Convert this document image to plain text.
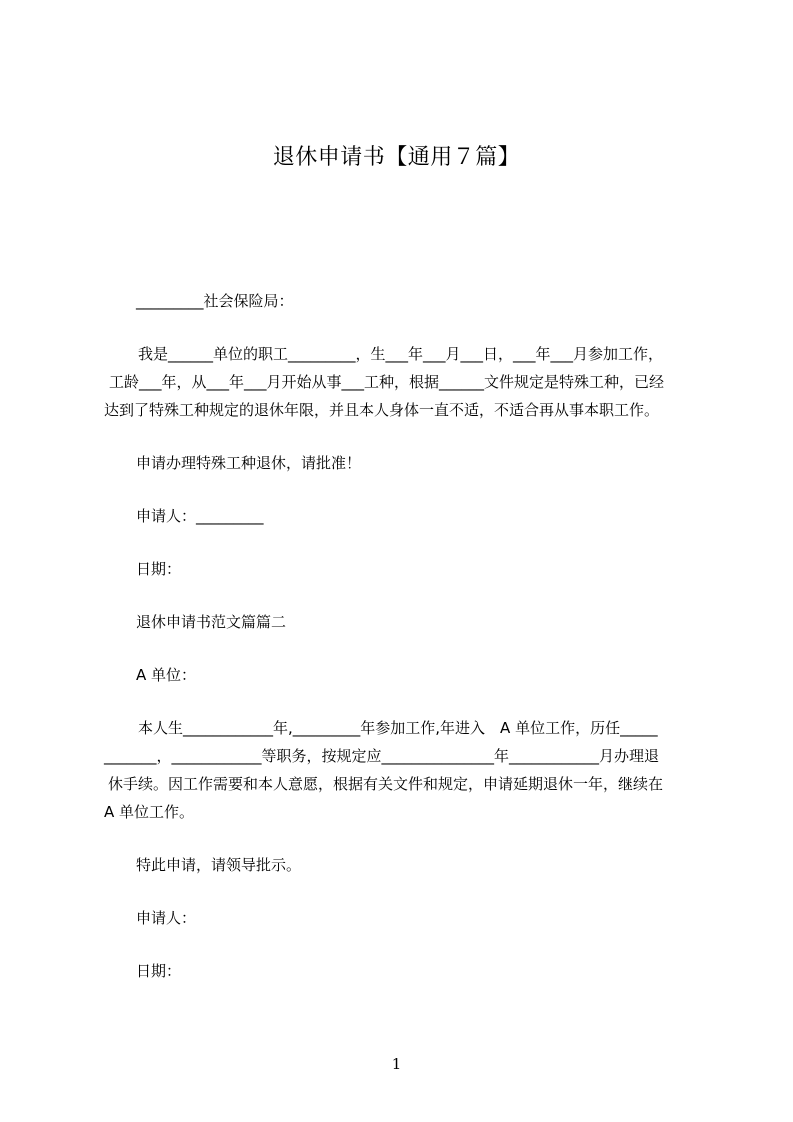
退休申请书【通用７篇】
_________社会保险局：
我是______单位的职工_________，生___年___月___日，___年___月参加工作，
工龄___年，从___年___月开始从事___工种，根据______文件规定是特殊工种，已经
达到了特殊工种规定的退休年限，并且本人身体一直不适，不适合再从事本职工作。
申请办理特殊工种退休，请批准！
申请人：_________
日期：
退休申请书范文篇篇二
A 单位：
本人生____________年,_________年参加工作,年进入　A 单位工作，历任_____
_______，____________等职务，按规定应_______________年____________月办理退
休手续。因工作需要和本人意愿，根据有关文件和规定，申请延期退休一年，继续在
A 单位工作。
特此申请，请领导批示。
申请人：
日期：
1
